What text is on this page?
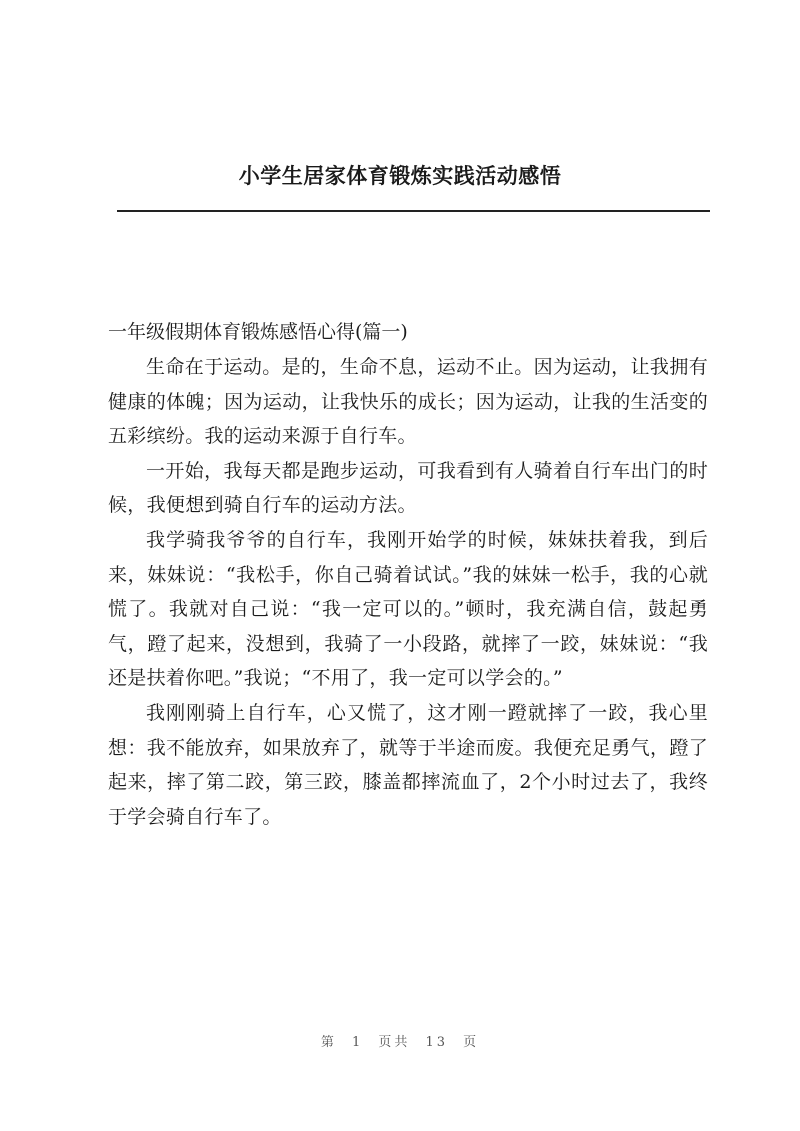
小学生居家体育锻炼实践活动感悟

一年级假期体育锻炼感悟心得(篇一)

生命在于运动。是的，生命不息，运动不止。因为运动，让我拥有健康的体魄；因为运动，让我快乐的成长；因为运动，让我的生活变的五彩缤纷。我的运动来源于自行车。

一开始，我每天都是跑步运动，可我看到有人骑着自行车出门的时候，我便想到骑自行车的运动方法。

我学骑我爷爷的自行车，我刚开始学的时候，妹妹扶着我，到后来，妹妹说：“我松手，你自己骑着试试。”我的妹妹一松手，我的心就慌了。我就对自己说：“我一定可以的。”顿时，我充满自信，鼓起勇气，蹬了起来，没想到，我骑了一小段路，就摔了一跤，妹妹说：“我还是扶着你吧。”我说；“不用了，我一定可以学会的。”

我刚刚骑上自行车，心又慌了，这才刚一蹬就摔了一跤，我心里想：我不能放弃，如果放弃了，就等于半途而废。我便充足勇气，蹬了起来，摔了第二跤，第三跤，膝盖都摔流血了，2个小时过去了，我终于学会骑自行车了。

第 1 页共 13 页
